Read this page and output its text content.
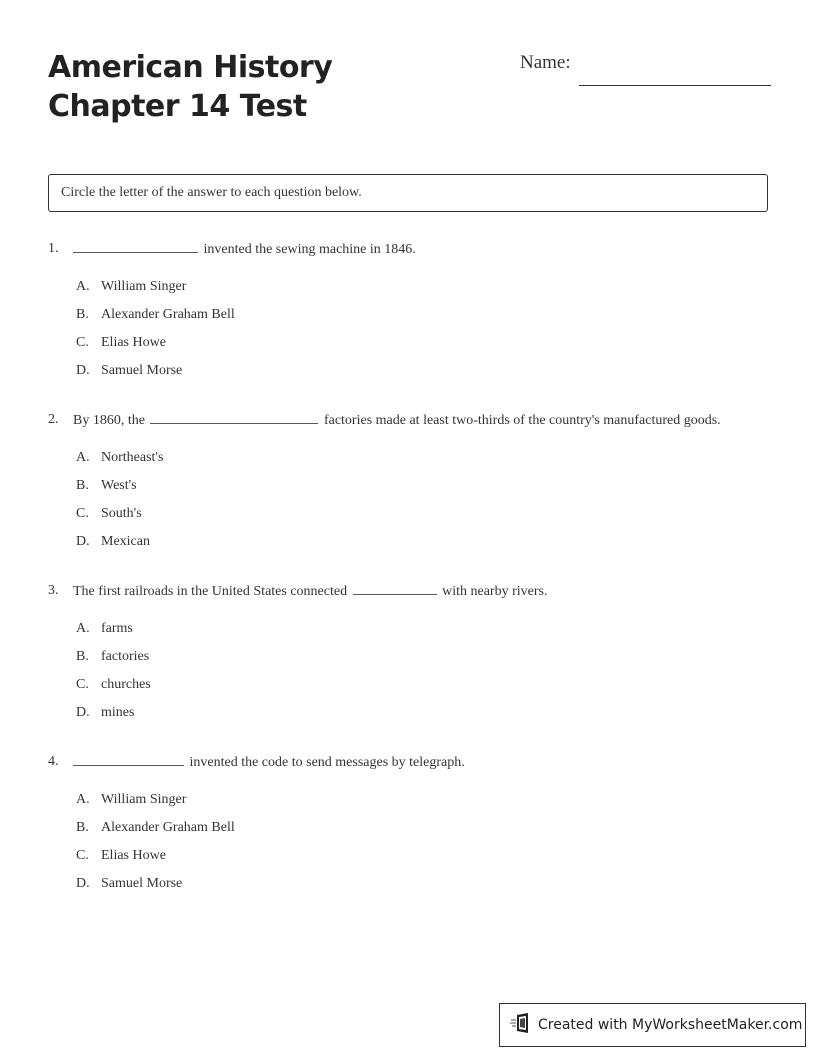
American History
Chapter 14 Test
Name:
Circle the letter of the answer to each question below.
1.	invented the sewing machine in 1846.
A. William Singer
B. Alexander Graham Bell
C. Elias Howe
D. Samuel Morse
2. By 1860, the	factories made at least two-thirds of the country's manufactured goods.
A. Northeast's
B. West's
C. South's
D. Mexican
3. The first railroads in the United States connected	with nearby rivers.
A. farms
B. factories
C. churches
D. mines
4.	invented the code to send messages by telegraph.
A. William Singer
B. Alexander Graham Bell
C. Elias Howe
D. Samuel Morse
Created with MyWorksheetMaker.com
